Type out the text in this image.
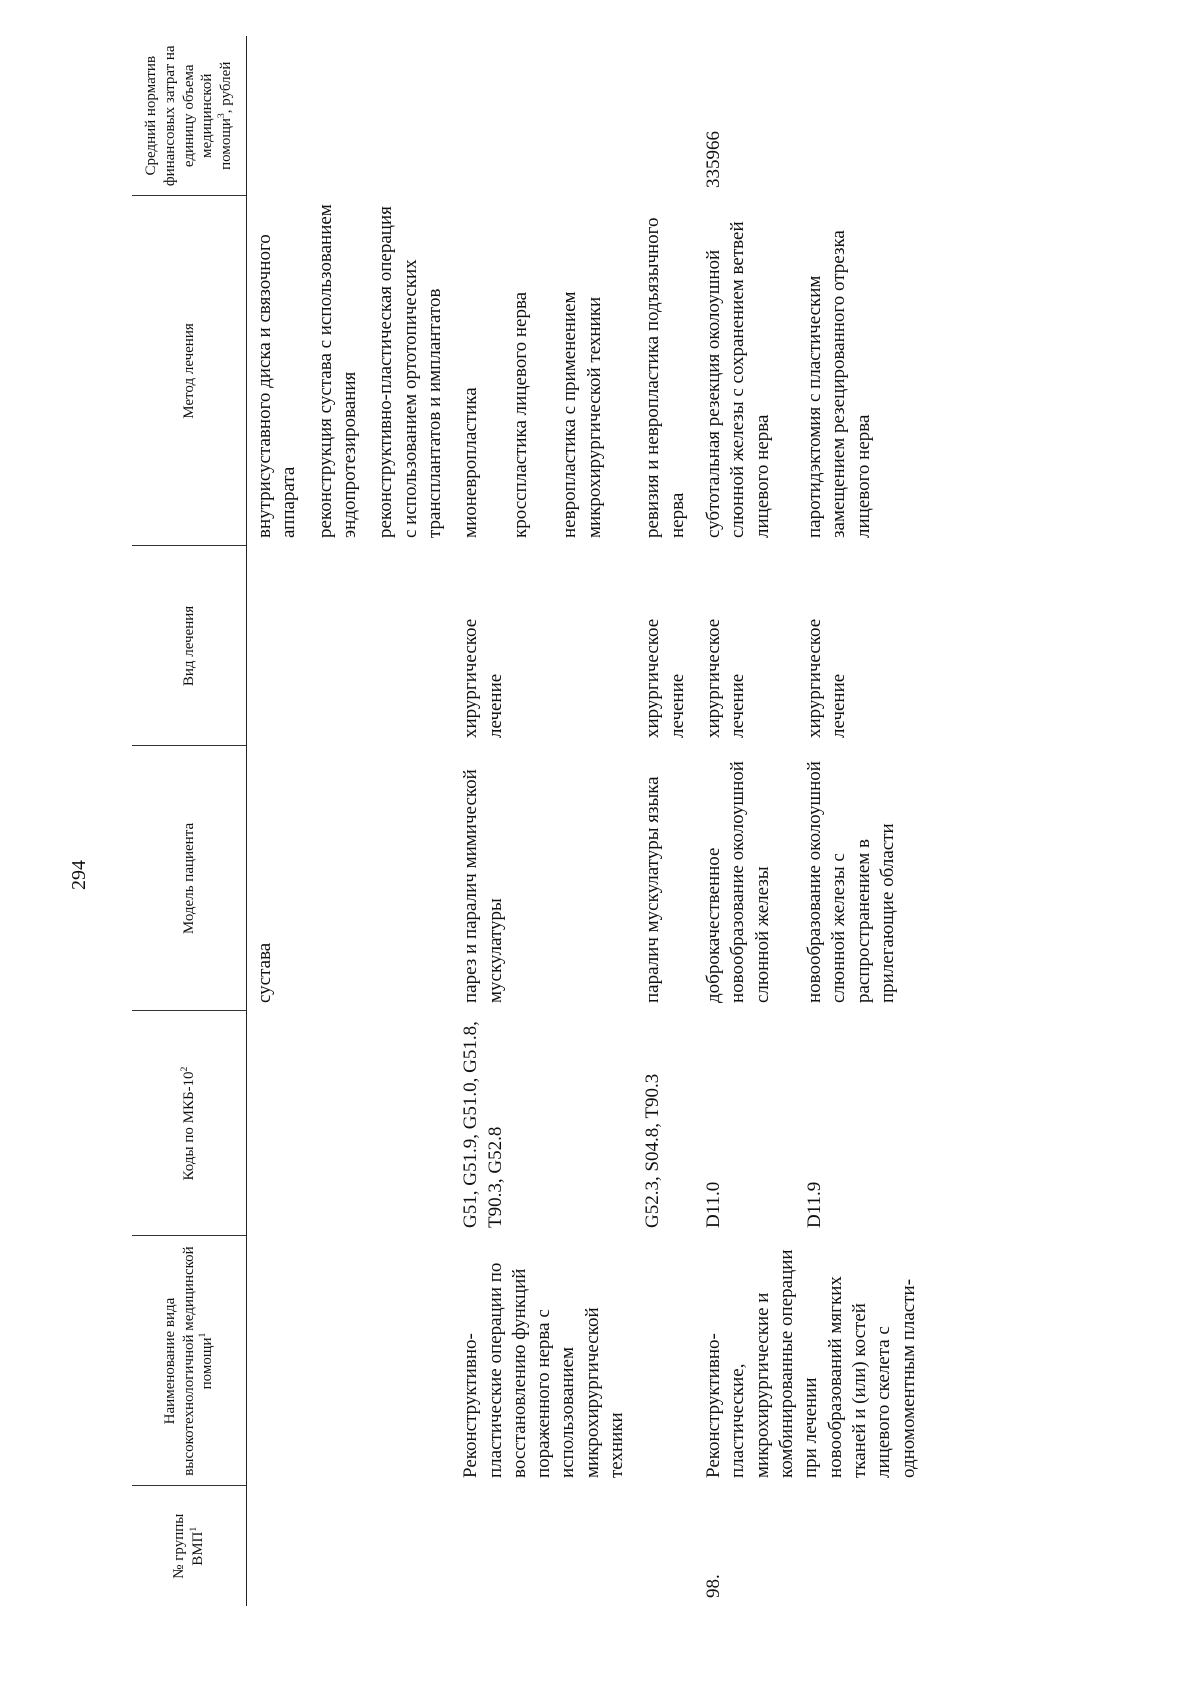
294
№ группы ВМП$^1$	Наименование вида высокотехнологичной медицинской помощи$^1$	Коды по МКБ-$10^2$	Модель пациента	Вид лечения	Метод лечения	Средний норматив финансовых затрат на единицу объема медицинской помощи$^3$, рублей
			сустава		внутрисуставного диска и связочного аппарата	
					реконструкция сустава с использованием эндопротезирования	
					реконструктивно-пластическая операция с использованием ортотопических трансплантатов и имплантатов	
	Реконструктивно-пластические операции по восстановлению функций пораженного нерва с использованием микрохирургической техники	G51, G51.9, G51.0, G51.8, T90.3, G52.8	парез и паралич мимической мускулатуры	хирургическое лечение	мионевропластика	
					кросспластика лицевого нерва	
					невропластика с применением микрохирургической техники	
		G52.3, S04.8, T90.3	паралич мускулатуры языка	хирургическое лечение	ревизия и невропластика подъязычного нерва	
98.	Реконструктивно-пластические, микрохирургические и комбинированные операции при лечении новообразований мягких тканей и (или) костей лицевого скелета с одномоментным пласти-	D11.0	доброкачественное новообразование околоушной слюнной железы	хирургическое лечение	субтотальная резекция околоушной слюнной железы с сохранением ветвей лицевого нерва	335966
		D11.9	новообразование околоушной слюнной железы с распространением в прилегающие области	хирургическое лечение	паротидэктомия с пластическим замещением резецированного отрезка лицевого нерва	
